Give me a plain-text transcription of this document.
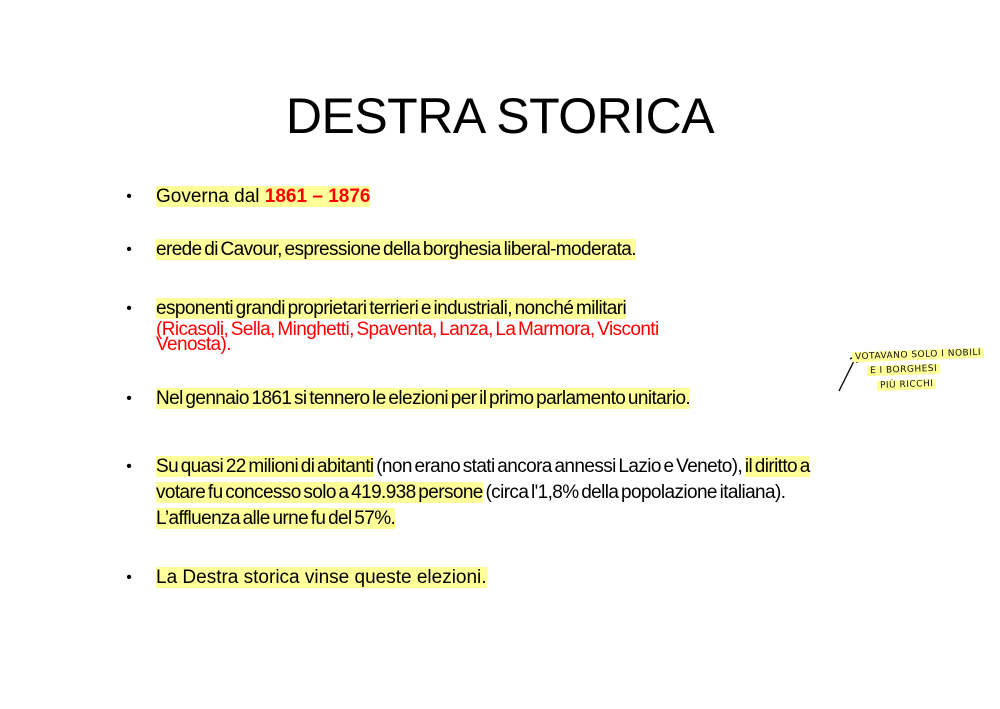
DESTRA STORICA
• Governa dal 1861 – 1876
• erede di Cavour, espressione della borghesia liberal-moderata.
• esponenti grandi proprietari terrieri e industriali, nonché militari
(Ricasoli, Sella, Minghetti, Spaventa, Lanza, La Marmora, Visconti
Venosta).
• Nel gennaio 1861 si tennero le elezioni per il primo parlamento unitario.
• Su quasi 22 milioni di abitanti (non erano stati ancora annessi Lazio e Veneto), il diritto a votare fu concesso solo a 419.938 persone (circa l'1,8% della popolazione italiana). L’affluenza alle urne fu del 57%.
• La Destra storica vinse queste elezioni.
VOTAVANO SOLO I NOBILI
E I BORGHESI
PIÙ RICCHI
